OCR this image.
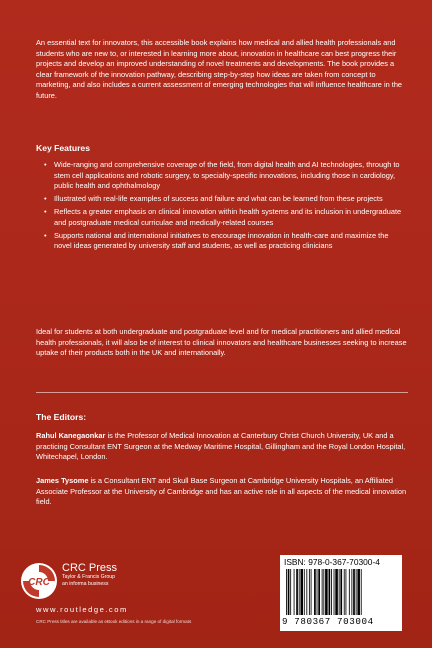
An essential text for innovators, this accessible book explains how medical and allied health professionals and students who are new to, or interested in learning more about, innovation in healthcare can best progress their projects and develop an improved understanding of novel treatments and developments. The book provides a clear framework of the innovation pathway, describing step-by-step how ideas are taken from concept to marketing, and also includes a current assessment of emerging technologies that will influence healthcare in the future.

Key Features

• Wide-ranging and comprehensive coverage of the field, from digital health and AI technologies, through to stem cell applications and robotic surgery, to specialty-specific innovations, including those in cardiology, public health and ophthalmology
• Illustrated with real-life examples of success and failure and what can be learned from these projects
• Reflects a greater emphasis on clinical innovation within health systems and its inclusion in undergraduate and postgraduate medical curriculae and medically-related courses
• Supports national and international initiatives to encourage innovation in health-care and maximize the novel ideas generated by university staff and students, as well as practicing clinicians

Ideal for students at both undergraduate and postgraduate level and for medical practitioners and allied medical health professionals, it will also be of interest to clinical innovators and healthcare businesses seeking to increase uptake of their products both in the UK and internationally.

The Editors:

Rahul Kanegaonkar is the Professor of Medical Innovation at Canterbury Christ Church University, UK and a practicing Consultant ENT Surgeon at the Medway Maritime Hospital, Gillingham and the Royal London Hospital, Whitechapel, London.

James Tysome is a Consultant ENT and Skull Base Surgeon at Cambridge University Hospitals, an Affiliated Associate Professor at the University of Cambridge and has an active role in all aspects of the medical innovation field.

CRC

CRC Press

Taylor & Francis Group

an informa business

www.routledge.com
CRC Press titles are available as eBook editions in a range of digital formats
ISBN: 978-0-367-70300-4
9 780367 703004
